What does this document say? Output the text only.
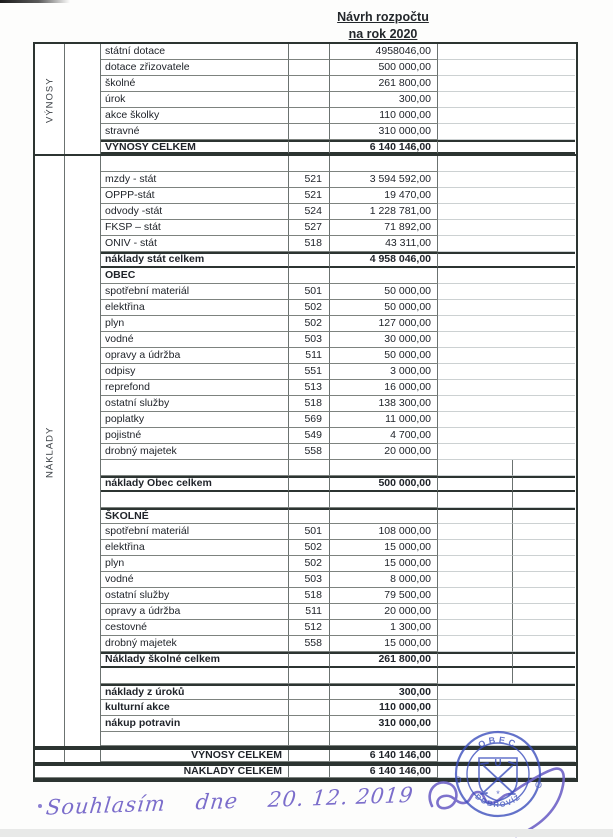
Návrh rozpočtu
na rok 2020
státní dotace	4958046,00
dotace zřizovatele	500 000,00
školné	261 800,00
úrok	300,00
akce školky	110 000,00
stravné	310 000,00
VÝNOSY CELKEM	6 140 146,00
mzdy - stát	521	3 594 592,00
OPPP-stát	521	19 470,00
odvody -stát	524	1 228 781,00
FKSP – stát	527	71 892,00
ONIV - stát	518	43 311,00
náklady stát celkem	4 958 046,00
OBEC
spotřební materiál	501	50 000,00
elektřina	502	50 000,00
plyn	502	127 000,00
vodné	503	30 000,00
opravy a údržba	511	50 000,00
odpisy	551	3 000,00
reprefond	513	16 000,00
ostatní služby	518	138 300,00
poplatky	569	11 000,00
pojistné	549	4 700,00
drobný majetek	558	20 000,00
náklady Obec celkem	500 000,00
ŠKOLNÉ
spotřební materiál	501	108 000,00
elektřina	502	15 000,00
plyn	502	15 000,00
vodné	503	8 000,00
ostatní služby	518	79 500,00
opravy a údržba	511	20 000,00
cestovné	512	1 300,00
drobný majetek	558	15 000,00
Náklady školné celkem	261 800,00
náklady z úroků	300,00
kulturní akce	110 000,00
nákup potravin	310 000,00
VÝNOSY CELKEM	6 140 146,00
NÁKLADY CELKEM	6 140 146,00
VÝNOSY
NÁKLADY
Souhlasím dne 20. 12. 2019
OBEC
DOBROVÍZ
U
*
Э	O
